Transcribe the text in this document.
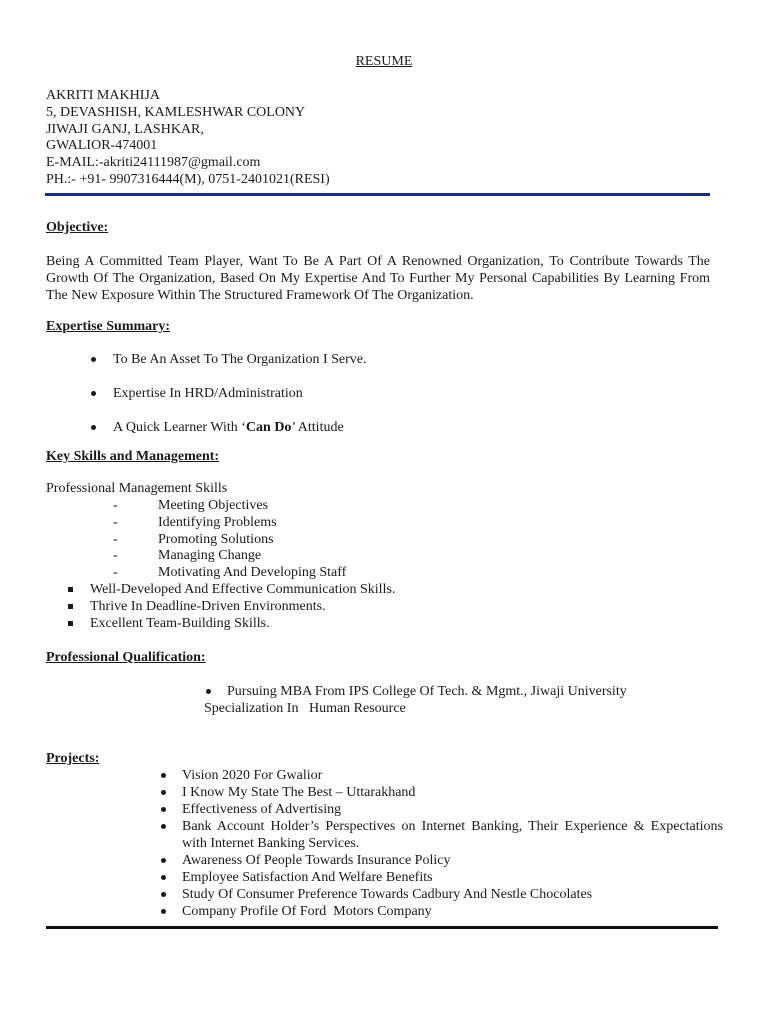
RESUME
AKRITI MAKHIJA
5, DEVASHISH, KAMLESHWAR COLONY
JIWAJI GANJ, LASHKAR,
GWALIOR-474001
E-MAIL:-akriti24111987@gmail.com
PH.:- +91- 9907316444(M), 0751-2401021(RESI)
Objective:
Being A Committed Team Player, Want To Be A Part Of A Renowned Organization, To Contribute Towards The Growth Of The Organization, Based On My Expertise And To Further My Personal Capabilities By Learning From The New Exposure Within The Structured Framework Of The Organization.
Expertise Summary:
To Be An Asset To The Organization I Serve.
Expertise In HRD/Administration
A Quick Learner With ‘Can Do’ Attitude
Key Skills and Management:
Professional Management Skills
-	Meeting Objectives
-	Identifying Problems
-	Promoting Solutions
-	Managing Change
-	Motivating And Developing Staff
Well-Developed And Effective Communication Skills.
Thrive In Deadline-Driven Environments.
Excellent Team-Building Skills.
Professional Qualification:
Pursuing MBA From IPS College Of Tech. & Mgmt., Jiwaji University
Specialization In   Human Resource
Projects:
Vision 2020 For Gwalior
I Know My State The Best – Uttarakhand
Effectiveness of Advertising
Bank Account Holder’s Perspectives on Internet Banking, Their Experience & Expectations with Internet Banking Services.
Awareness Of People Towards Insurance Policy
Employee Satisfaction And Welfare Benefits
Study Of Consumer Preference Towards Cadbury And Nestle Chocolates
Company Profile Of Ford  Motors Company
